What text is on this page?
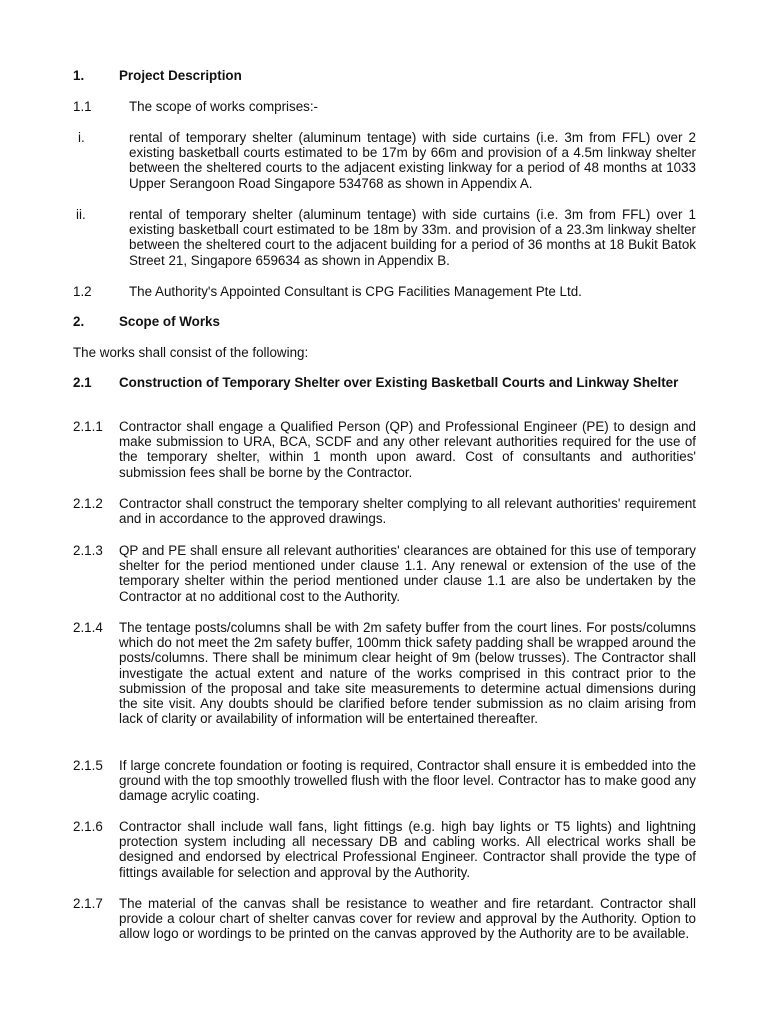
1.	Project Description
1.1	The scope of works comprises:-
i.	rental of temporary shelter (aluminum tentage) with side curtains (i.e. 3m from FFL) over 2 existing basketball courts estimated to be 17m by 66m and provision of a 4.5m linkway shelter between the sheltered courts to the adjacent existing linkway for a period of 48 months at 1033 Upper Serangoon Road Singapore 534768 as shown in Appendix A.
ii.	rental of temporary shelter (aluminum tentage) with side curtains (i.e. 3m from FFL) over 1 existing basketball court estimated to be 18m by 33m. and provision of a 23.3m linkway shelter between the sheltered court to the adjacent building for a period of 36 months at 18 Bukit Batok Street 21, Singapore 659634 as shown in Appendix B.
1.2	The Authority's Appointed Consultant is CPG Facilities Management Pte Ltd.
2.	Scope of Works
The works shall consist of the following:
2.1 Construction of Temporary Shelter over Existing Basketball Courts and Linkway Shelter
2.1.1 Contractor shall engage a Qualified Person (QP) and Professional Engineer (PE) to design and make submission to URA, BCA, SCDF and any other relevant authorities required for the use of the temporary shelter, within 1 month upon award. Cost of consultants and authorities' submission fees shall be borne by the Contractor.
2.1.2 Contractor shall construct the temporary shelter complying to all relevant authorities' requirement and in accordance to the approved drawings.
2.1.3 QP and PE shall ensure all relevant authorities' clearances are obtained for this use of temporary shelter for the period mentioned under clause 1.1. Any renewal or extension of the use of the temporary shelter within the period mentioned under clause 1.1 are also be undertaken by the Contractor at no additional cost to the Authority.
2.1.4 The tentage posts/columns shall be with 2m safety buffer from the court lines. For posts/columns which do not meet the 2m safety buffer, 100mm thick safety padding shall be wrapped around the posts/columns. There shall be minimum clear height of 9m (below trusses). The Contractor shall investigate the actual extent and nature of the works comprised in this contract prior to the submission of the proposal and take site measurements to determine actual dimensions during the site visit. Any doubts should be clarified before tender submission as no claim arising from lack of clarity or availability of information will be entertained thereafter.
2.1.5 If large concrete foundation or footing is required, Contractor shall ensure it is embedded into the ground with the top smoothly trowelled flush with the floor level. Contractor has to make good any damage acrylic coating.
2.1.6 Contractor shall include wall fans, light fittings (e.g. high bay lights or T5 lights) and lightning protection system including all necessary DB and cabling works. All electrical works shall be designed and endorsed by electrical Professional Engineer. Contractor shall provide the type of fittings available for selection and approval by the Authority.
2.1.7 The material of the canvas shall be resistance to weather and fire retardant. Contractor shall provide a colour chart of shelter canvas cover for review and approval by the Authority. Option to allow logo or wordings to be printed on the canvas approved by the Authority are to be available.
